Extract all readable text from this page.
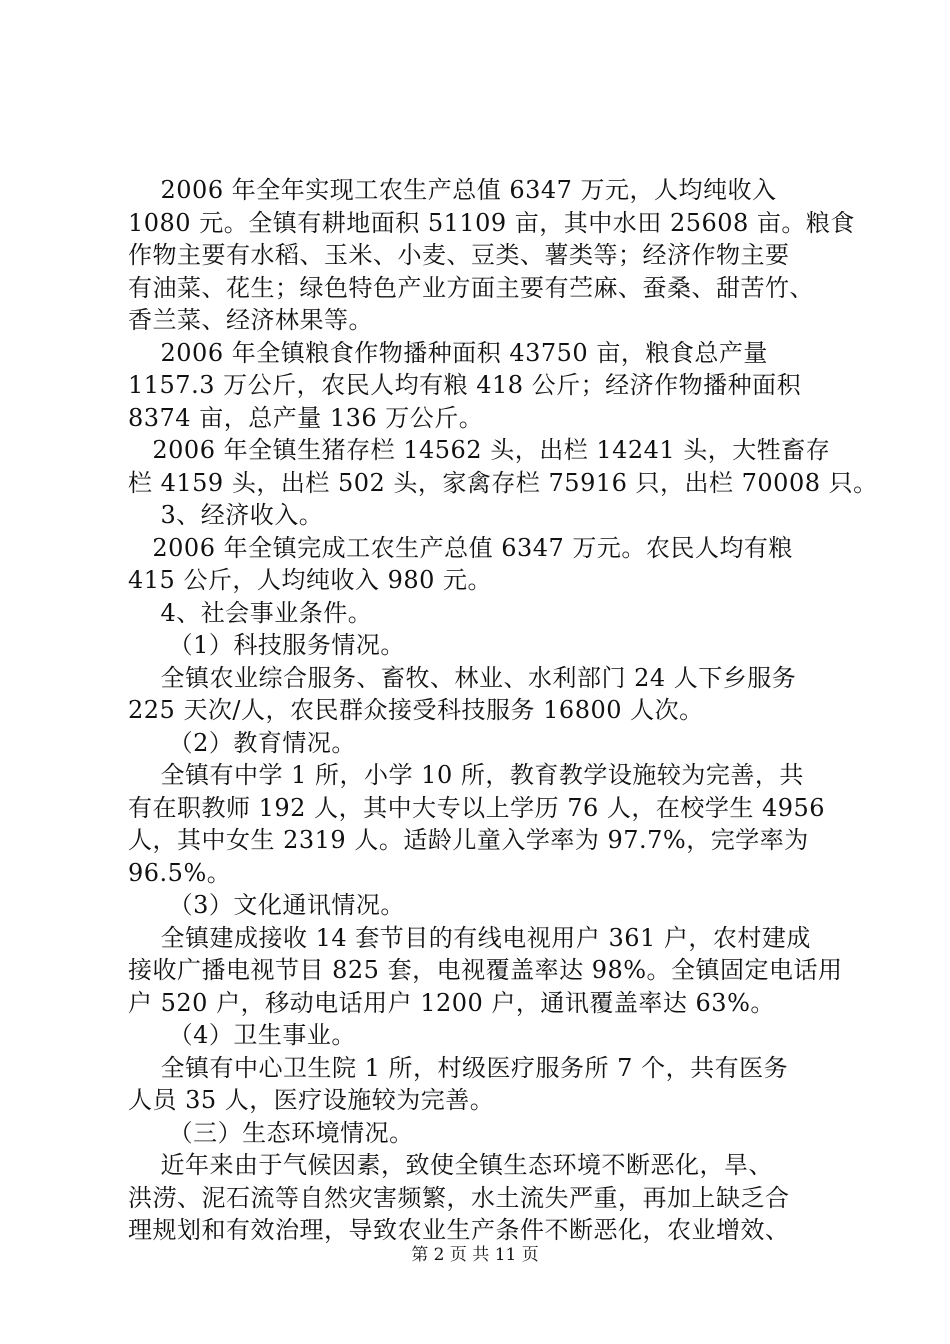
2006 年全年实现工农生产总值 6347 万元，人均纯收入
1080 元。全镇有耕地面积 51109 亩，其中水田 25608 亩。粮食
作物主要有水稻、玉米、小麦、豆类、薯类等；经济作物主要
有油菜、花生；绿色特色产业方面主要有苎麻、蚕桑、甜苦竹、
香兰菜、经济林果等。
2006 年全镇粮食作物播种面积 43750 亩，粮食总产量
1157.3 万公斤，农民人均有粮 418 公斤；经济作物播种面积
8374 亩，总产量 136 万公斤。
2006 年全镇生猪存栏 14562 头，出栏 14241 头，大牲畜存
栏 4159 头，出栏 502 头，家禽存栏 75916 只，出栏 70008 只。
3、经济收入。
2006 年全镇完成工农生产总值 6347 万元。农民人均有粮
415 公斤，人均纯收入 980 元。
4、社会事业条件。
（1）科技服务情况。
全镇农业综合服务、畜牧、林业、水利部门 24 人下乡服务
225 天次/人，农民群众接受科技服务 16800 人次。
（2）教育情况。
全镇有中学 1 所，小学 10 所，教育教学设施较为完善，共
有在职教师 192 人，其中大专以上学历 76 人，在校学生 4956
人，其中女生 2319 人。适龄儿童入学率为 97.7%，完学率为
96.5%。
（3）文化通讯情况。
全镇建成接收 14 套节目的有线电视用户 361 户，农村建成
接收广播电视节目 825 套，电视覆盖率达 98%。全镇固定电话用
户 520 户，移动电话用户 1200 户，通讯覆盖率达 63%。
（4）卫生事业。
全镇有中心卫生院 1 所，村级医疗服务所 7 个，共有医务
人员 35 人，医疗设施较为完善。
（三）生态环境情况。
近年来由于气候因素，致使全镇生态环境不断恶化，旱、
洪涝、泥石流等自然灾害频繁，水土流失严重，再加上缺乏合
理规划和有效治理，导致农业生产条件不断恶化，农业增效、
第 2 页 共 11 页
